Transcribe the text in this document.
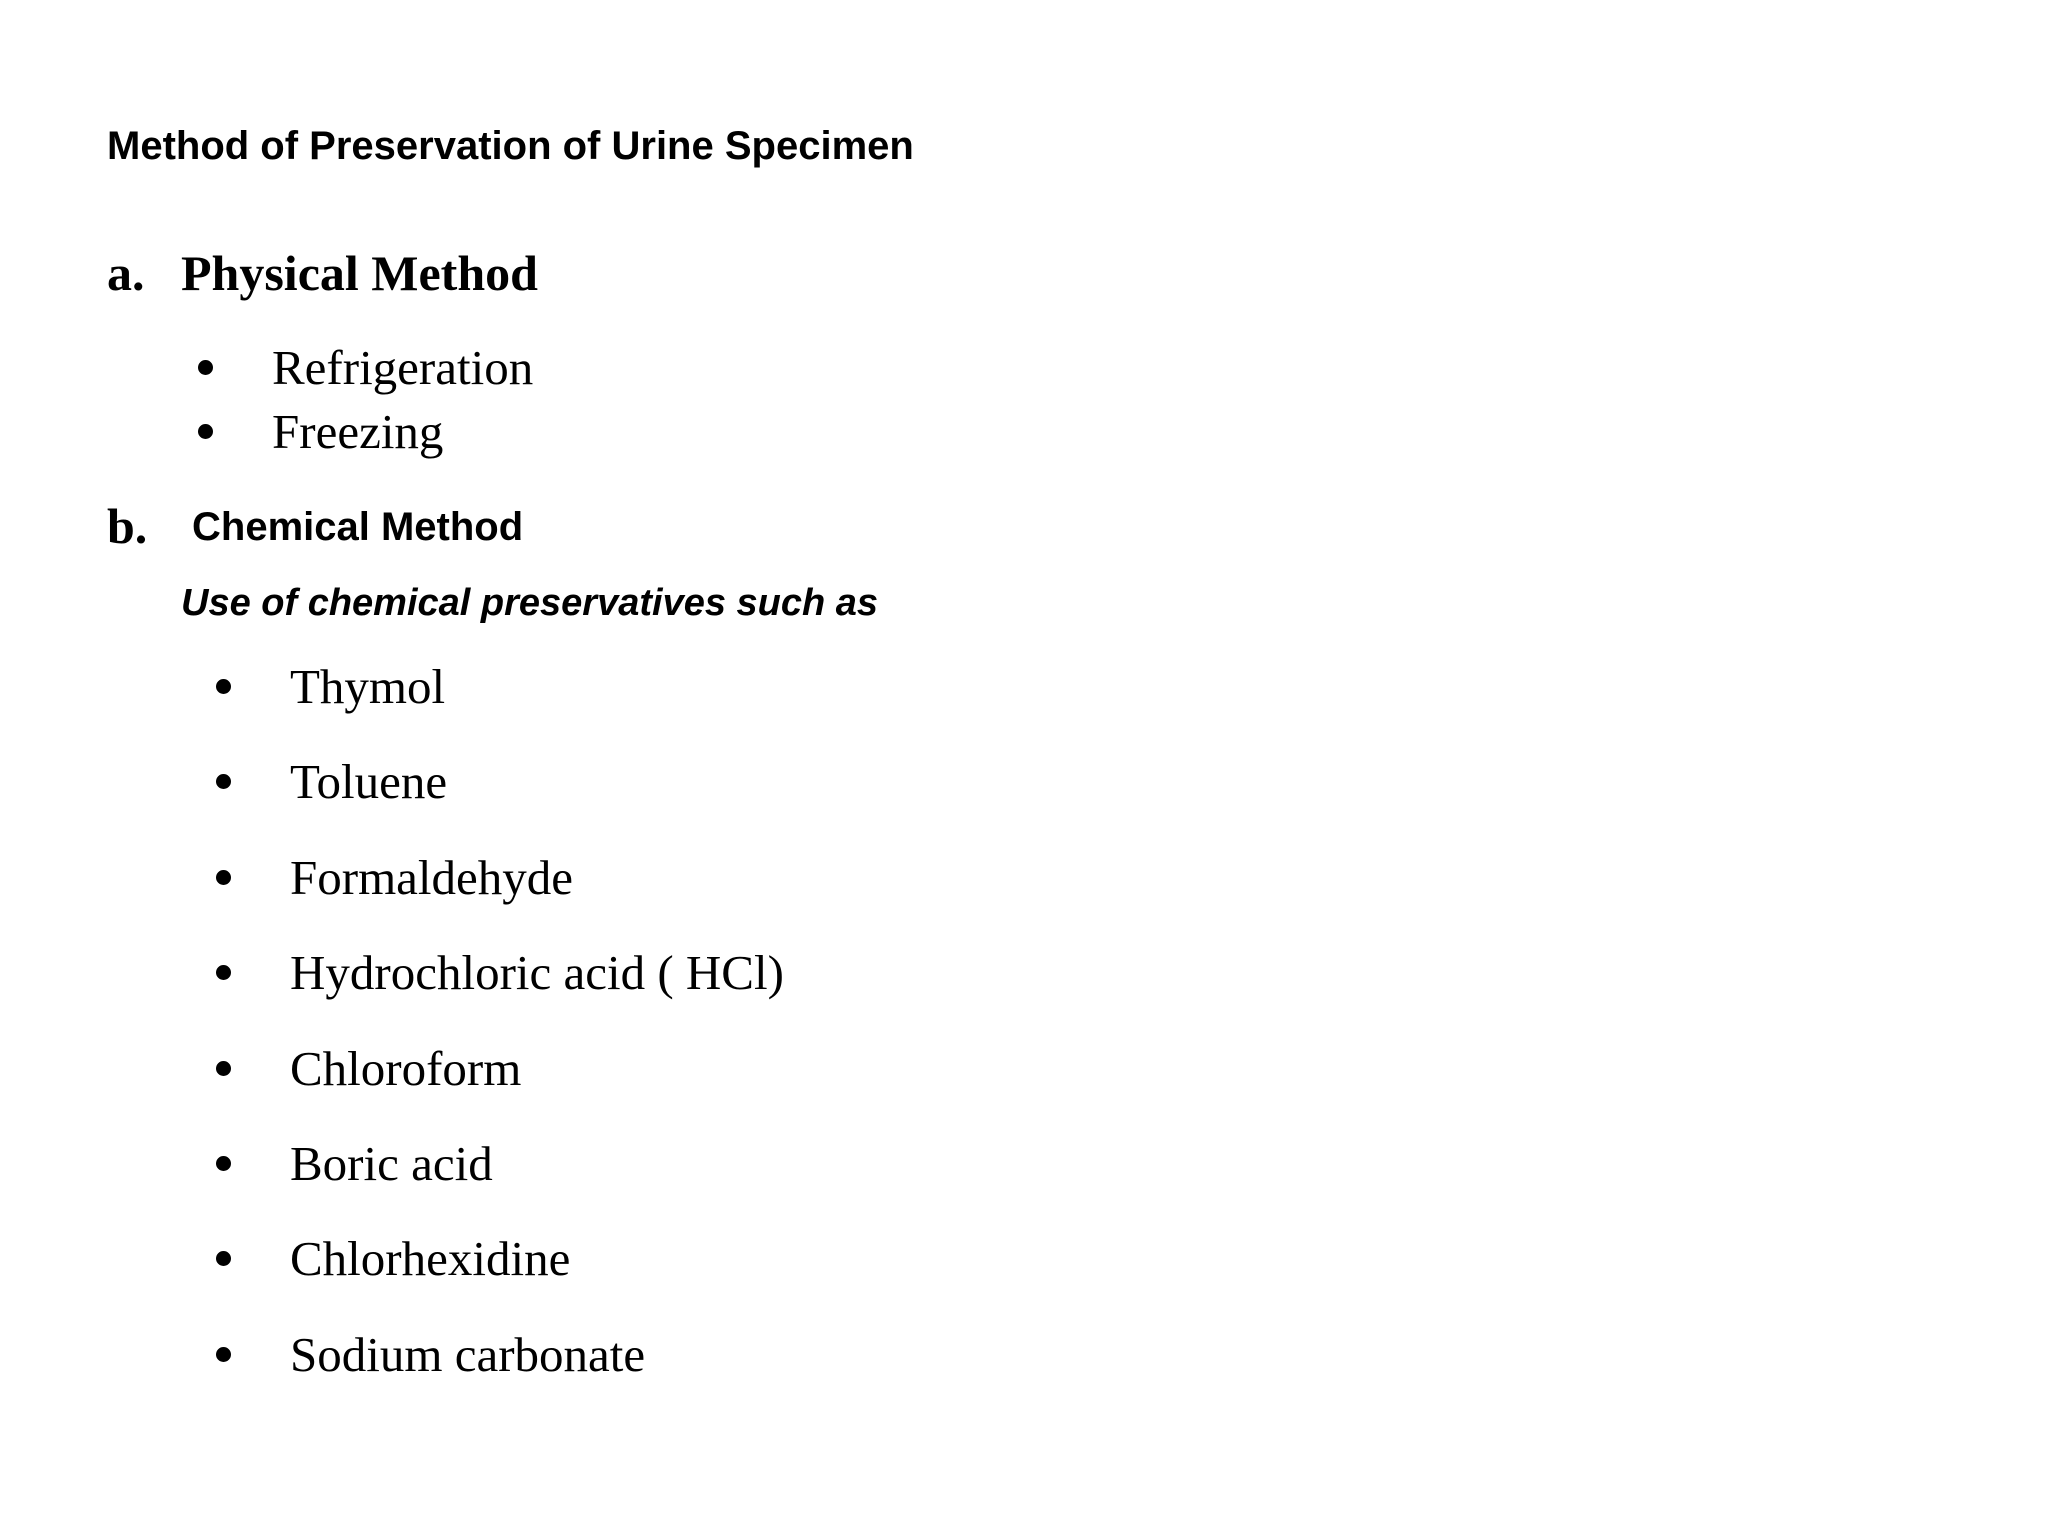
Method of Preservation of Urine Specimen
a. Physical Method
Refrigeration
Freezing
b. Chemical Method
Use of chemical preservatives such as
Thymol
Toluene
Formaldehyde
Hydrochloric acid ( HCl)
Chloroform
Boric acid
Chlorhexidine
Sodium carbonate
